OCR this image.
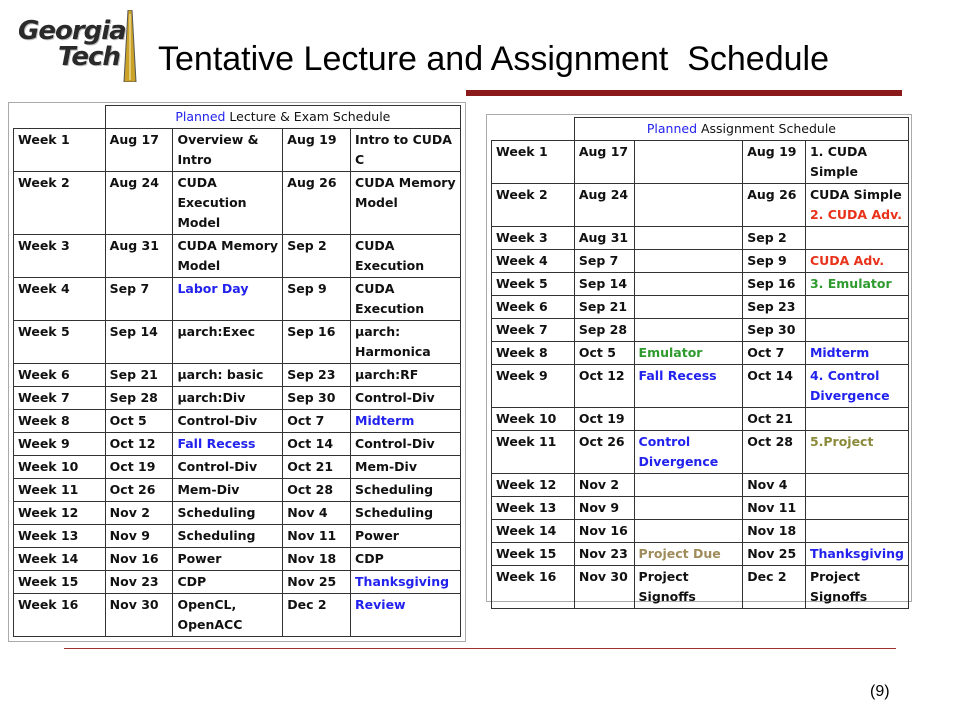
Georgia
Tech Tentative Lecture and Assignment  Schedule
	Planned Lecture & Exam Schedule			
Week 1	Aug 17	Overview & Intro	Aug 19	Intro to CUDA C
Week 2	Aug 24	CUDA Execution Model	Aug 26	CUDA Memory Model
Week 3	Aug 31	CUDA Memory Model	Sep 2	CUDA Execution
Week 4	Sep 7	Labor Day	Sep 9	CUDA Execution
Week 5	Sep 14	µarch:Exec	Sep 16	µarch: Harmonica
Week 6	Sep 21	µarch: basic	Sep 23	µarch:RF
Week 7	Sep 28	µarch:Div	Sep 30	Control-Div
Week 8	Oct 5	Control-Div	Oct 7	Midterm
Week 9	Oct 12	Fall Recess	Oct 14	Control-Div
Week 10	Oct 19	Control-Div	Oct 21	Mem-Div
Week 11	Oct 26	Mem-Div	Oct 28	Scheduling
Week 12	Nov 2	Scheduling	Nov 4	Scheduling
Week 13	Nov 9	Scheduling	Nov 11	Power
Week 14	Nov 16	Power	Nov 18	CDP
Week 15	Nov 23	CDP	Nov 25	Thanksgiving
Week 16	Nov 30	OpenCL, OpenACC	Dec 2	Review
	Planned Assignment Schedule			
Week 1	Aug 17		Aug 19	1. CUDA Simple
Week 2	Aug 24		Aug 26	CUDA Simple
2. CUDA Adv.
Week 3	Aug 31		Sep 2	
Week 4	Sep 7		Sep 9	CUDA Adv.
Week 5	Sep 14		Sep 16	3. Emulator
Week 6	Sep 21		Sep 23	
Week 7	Sep 28		Sep 30	
Week 8	Oct 5	Emulator	Oct 7	Midterm
Week 9	Oct 12	Fall Recess	Oct 14	4. Control Divergence
Week 10	Oct 19		Oct 21	
Week 11	Oct 26	Control Divergence	Oct 28	5.Project
Week 12	Nov 2		Nov 4	
Week 13	Nov 9		Nov 11	
Week 14	Nov 16		Nov 18	
Week 15	Nov 23	Project Due	Nov 25	Thanksgiving
Week 16	Nov 30	Project Signoffs	Dec 2	Project Signoffs
(9)
